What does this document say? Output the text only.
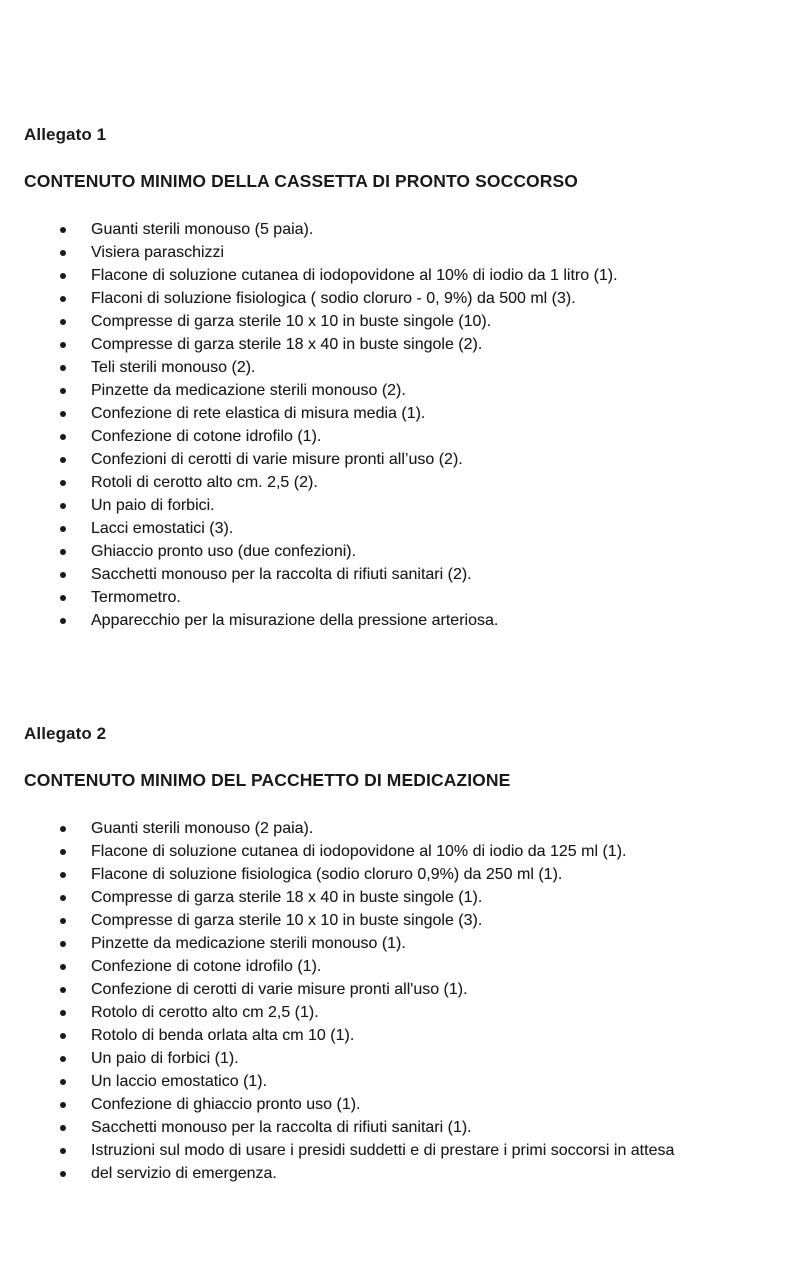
Allegato 1
CONTENUTO MINIMO DELLA CASSETTA DI PRONTO SOCCORSO
Guanti sterili monouso (5 paia).
Visiera paraschizzi
Flacone di soluzione cutanea di iodopovidone al 10% di iodio da 1 litro (1).
Flaconi di soluzione fisiologica ( sodio cloruro - 0, 9%) da 500 ml (3).
Compresse di garza sterile 10 x 10 in buste singole (10).
Compresse di garza sterile 18 x 40 in buste singole (2).
Teli sterili monouso (2).
Pinzette da medicazione sterili monouso (2).
Confezione di rete elastica di misura media (1).
Confezione di cotone idrofilo (1).
Confezioni di cerotti di varie misure pronti all’uso (2).
Rotoli di cerotto alto cm. 2,5 (2).
Un paio di forbici.
Lacci emostatici (3).
Ghiaccio pronto uso (due confezioni).
Sacchetti monouso per la raccolta di rifiuti sanitari (2).
Termometro.
Apparecchio per la misurazione della pressione arteriosa.
Allegato 2
CONTENUTO MINIMO DEL PACCHETTO DI MEDICAZIONE
Guanti sterili monouso (2 paia).
Flacone di soluzione cutanea di iodopovidone al 10% di iodio da 125 ml (1).
Flacone di soluzione fisiologica (sodio cloruro 0,9%) da 250 ml (1).
Compresse di garza sterile 18 x 40 in buste singole (1).
Compresse di garza sterile 10 x 10 in buste singole (3).
Pinzette da medicazione sterili monouso (1).
Confezione di cotone idrofilo (1).
Confezione di cerotti di varie misure pronti all'uso (1).
Rotolo di cerotto alto cm 2,5 (1).
Rotolo di benda orlata alta cm 10 (1).
Un paio di forbici (1).
Un laccio emostatico (1).
Confezione di ghiaccio pronto uso (1).
Sacchetti monouso per la raccolta di rifiuti sanitari (1).
Istruzioni sul modo di usare i presidi suddetti e di prestare i primi soccorsi in attesa
del servizio di emergenza.
